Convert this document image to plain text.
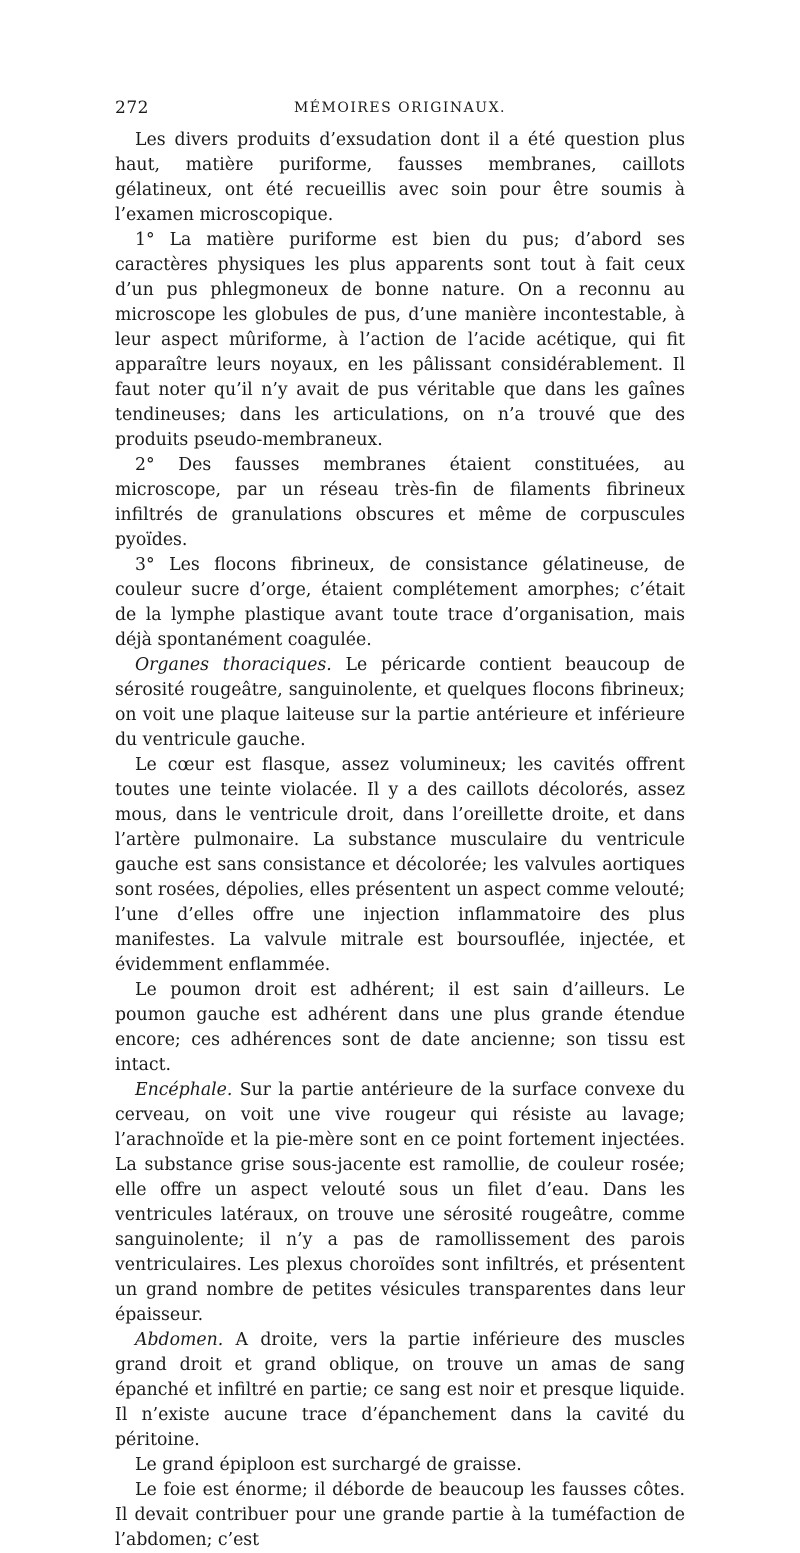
272	MÉMOIRES ORIGINAUX.

Les divers produits d’exsudation dont il a été question plus haut, matière puriforme, fausses membranes, caillots gélatineux, ont été recueillis avec soin pour être soumis à l’examen microscopique.

1° La matière puriforme est bien du pus; d’abord ses caractères physiques les plus apparents sont tout à fait ceux d’un pus phlegmoneux de bonne nature. On a reconnu au microscope les globules de pus, d’une manière incontestable, à leur aspect mûriforme, à l’action de l’acide acétique, qui fit apparaître leurs noyaux, en les pâlissant considérablement. Il faut noter qu’il n’y avait de pus véritable que dans les gaînes tendineuses; dans les articulations, on n’a trouvé que des produits pseudo-membraneux.

2° Des fausses membranes étaient constituées, au microscope, par un réseau très-fin de filaments fibrineux infiltrés de granulations obscures et même de corpuscules pyoïdes.

3° Les flocons fibrineux, de consistance gélatineuse, de couleur sucre d’orge, étaient complétement amorphes; c’était de la lymphe plastique avant toute trace d’organisation, mais déjà spontanément coagulée.

Organes thoraciques. Le péricarde contient beaucoup de sérosité rougeâtre, sanguinolente, et quelques flocons fibrineux; on voit une plaque laiteuse sur la partie antérieure et inférieure du ventricule gauche.

Le cœur est flasque, assez volumineux; les cavités offrent toutes une teinte violacée. Il y a des caillots décolorés, assez mous, dans le ventricule droit, dans l’oreillette droite, et dans l’artère pulmonaire. La substance musculaire du ventricule gauche est sans consistance et décolorée; les valvules aortiques sont rosées, dépolies, elles présentent un aspect comme velouté; l’une d’elles offre une injection inflammatoire des plus manifestes. La valvule mitrale est boursouflée, injectée, et évidemment enflammée.

Le poumon droit est adhérent; il est sain d’ailleurs. Le poumon gauche est adhérent dans une plus grande étendue encore; ces adhérences sont de date ancienne; son tissu est intact.

Encéphale. Sur la partie antérieure de la surface convexe du cerveau, on voit une vive rougeur qui résiste au lavage; l’arachnoïde et la pie-mère sont en ce point fortement injectées. La substance grise sous-jacente est ramollie, de couleur rosée; elle offre un aspect velouté sous un filet d’eau. Dans les ventricules latéraux, on trouve une sérosité rougeâtre, comme sanguinolente; il n’y a pas de ramollissement des parois ventriculaires. Les plexus choroïdes sont infiltrés, et présentent un grand nombre de petites vésicules transparentes dans leur épaisseur.

Abdomen. A droite, vers la partie inférieure des muscles grand droit et grand oblique, on trouve un amas de sang épanché et infiltré en partie; ce sang est noir et presque liquide. Il n’existe aucune trace d’épanchement dans la cavité du péritoine.

Le grand épiploon est surchargé de graisse.

Le foie est énorme; il déborde de beaucoup les fausses côtes. Il devait contribuer pour une grande partie à la tuméfaction de l’abdomen; c’est
